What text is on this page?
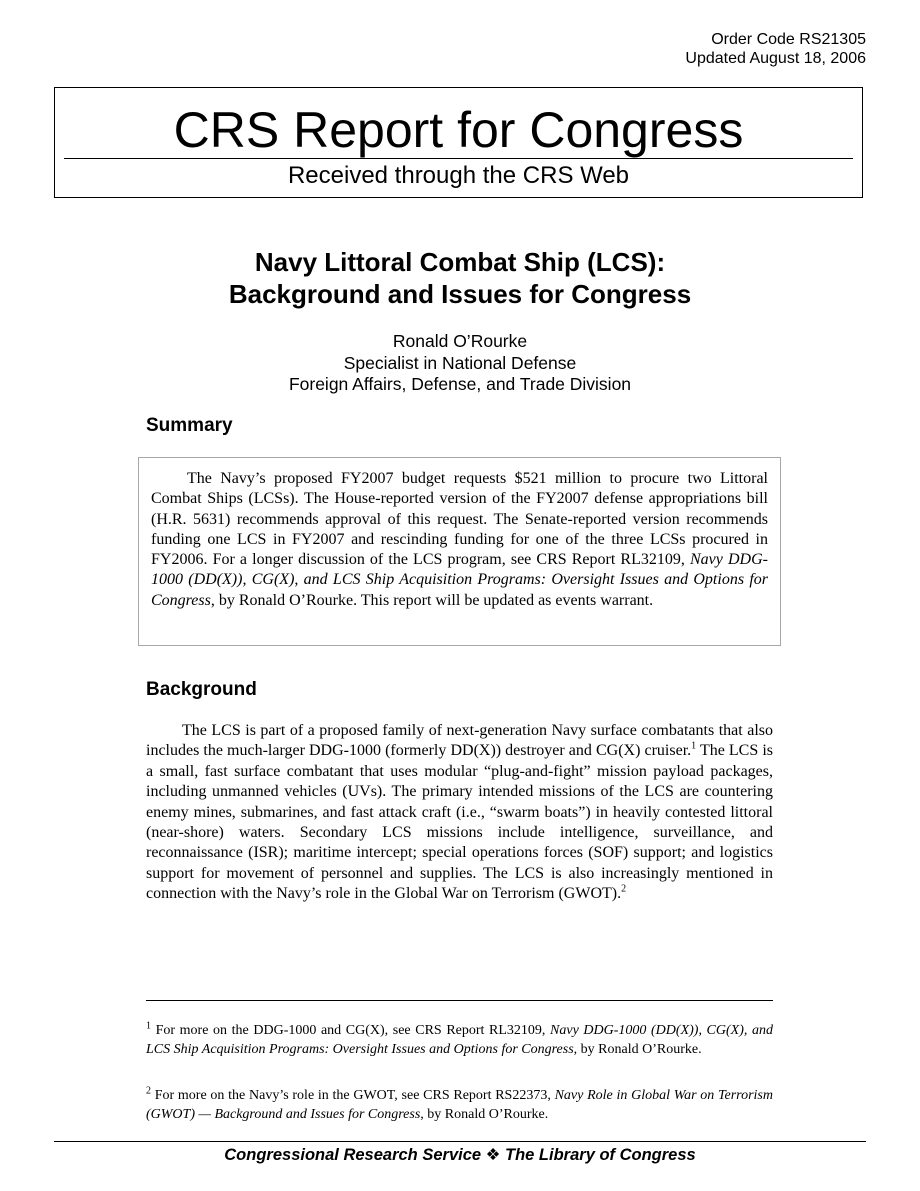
Order Code RS21305
Updated August 18, 2006
CRS Report for Congress
Received through the CRS Web
Navy Littoral Combat Ship (LCS):
Background and Issues for Congress
Ronald O’Rourke
Specialist in National Defense
Foreign Affairs, Defense, and Trade Division
Summary

The Navy’s proposed FY2007 budget requests $521 million to procure two Littoral Combat Ships (LCSs). The House-reported version of the FY2007 defense appropriations bill (H.R. 5631) recommends approval of this request. The Senate-reported version recommends funding one LCS in FY2007 and rescinding funding for one of the three LCSs procured in FY2006. For a longer discussion of the LCS program, see CRS Report RL32109, Navy DDG-1000 (DD(X)), CG(X), and LCS Ship Acquisition Programs: Oversight Issues and Options for Congress, by Ronald O’Rourke. This report will be updated as events warrant.

Background

The LCS is part of a proposed family of next-generation Navy surface combatants that also includes the much-larger DDG-1000 (formerly DD(X)) destroyer and CG(X) cruiser.$^1$ The LCS is a small, fast surface combatant that uses modular “plug-and-fight” mission payload packages, including unmanned vehicles (UVs). The primary intended missions of the LCS are countering enemy mines, submarines, and fast attack craft (i.e., “swarm boats”) in heavily contested littoral (near-shore) waters. Secondary LCS missions include intelligence, surveillance, and reconnaissance (ISR); maritime intercept; special operations forces (SOF) support; and logistics support for movement of personnel and supplies. The LCS is also increasingly mentioned in connection with the Navy’s role in the Global War on Terrorism (GWOT).$^2$

$^1$ For more on the DDG-1000 and CG(X), see CRS Report RL32109, Navy DDG-1000 (DD(X)), CG(X), and LCS Ship Acquisition Programs: Oversight Issues and Options for Congress, by Ronald O’Rourke.

$^2$ For more on the Navy’s role in the GWOT, see CRS Report RS22373, Navy Role in Global War on Terrorism (GWOT) — Background and Issues for Congress, by Ronald O’Rourke.

Congressional Research Service ❖ The Library of Congress
